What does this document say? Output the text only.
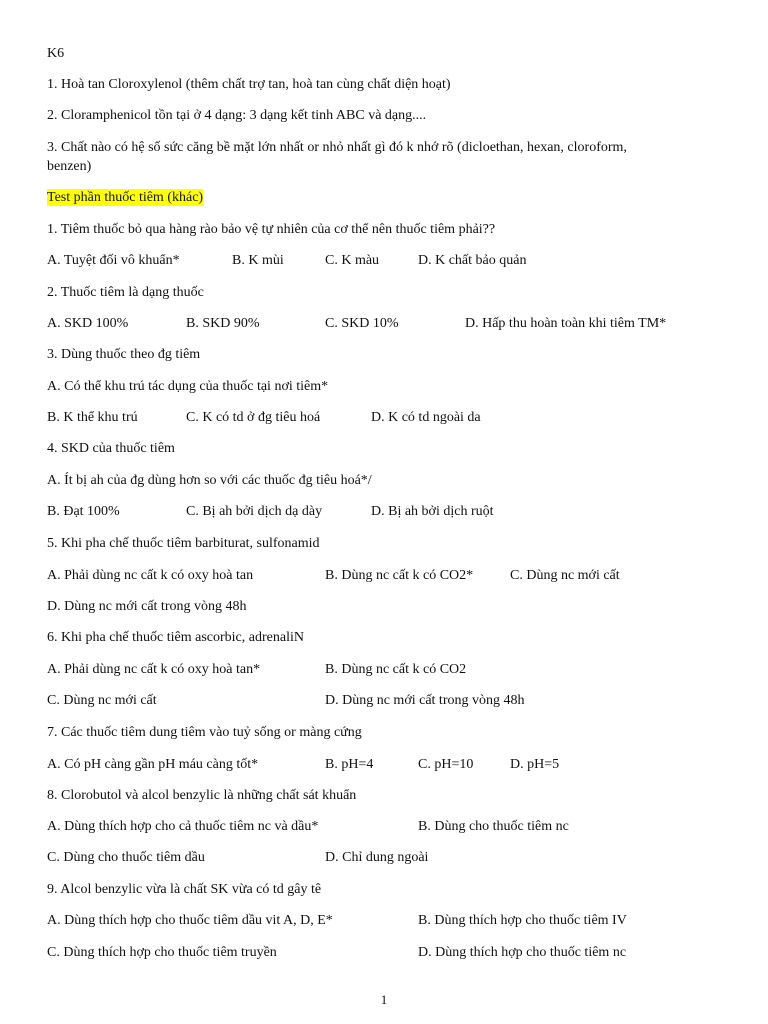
K6
1. Hoà tan Cloroxylenol (thêm chất trợ tan, hoà tan cùng chất diện hoạt)
2. Cloramphenicol tồn tại ở 4 dạng: 3 dạng kết tinh ABC và dạng....
3. Chất nào có hệ số sức căng bề mặt lớn nhất or nhỏ nhất gì đó k nhớ rõ (dicloethan, hexan, cloroform,
benzen)
Test phần thuốc tiêm (khác)
1. Tiêm thuốc bỏ qua hàng rào bảo vệ tự nhiên của cơ thể nên thuốc tiêm phải??
A. Tuyệt đối vô khuẩn*	B. K mùi	C. K màu	D. K chất bảo quản
2. Thuốc tiêm là dạng thuốc
A. SKD 100%	B. SKD 90%	C. SKD 10%	D. Hấp thu hoàn toàn khi tiêm TM*
3. Dùng thuốc theo đg tiêm
A. Có thể khu trú tác dụng của thuốc tại nơi tiêm*
B. K thể khu trú	C. K có td ở đg tiêu hoá	D. K có td ngoài da
4. SKD của thuốc tiêm
A. Ít bị ah của đg dùng hơn so với các thuốc đg tiêu hoá*/
B. Đạt 100%	C. Bị ah bởi dịch dạ dày	D. Bị ah bởi dịch ruột
5. Khi pha chế thuốc tiêm barbiturat, sulfonamid
A. Phải dùng nc cất k có oxy hoà tan	B. Dùng nc cất k có CO2*	C. Dùng nc mới cất
D. Dùng nc mới cất trong vòng 48h
6. Khi pha chế thuốc tiêm ascorbic, adrenaliN
A. Phải dùng nc cất k có oxy hoà tan*	B. Dùng nc cất k có CO2
C. Dùng nc mới cất	D. Dùng nc mới cất trong vòng 48h
7. Các thuốc tiêm dung tiêm vào tuỷ sống or màng cứng
A. Có pH càng gần pH máu càng tốt*	B. pH=4	C. pH=10	D. pH=5
8. Clorobutol và alcol benzylic là những chất sát khuẩn
A. Dùng thích hợp cho cả thuốc tiêm nc và dầu*	B. Dùng cho thuốc tiêm nc
C. Dùng cho thuốc tiêm dầu	D. Chỉ dung ngoài
9. Alcol benzylic vừa là chất SK vừa có td gây tê
A. Dùng thích hợp cho thuốc tiêm dầu vit A, D, E*	B. Dùng thích hợp cho thuốc tiêm IV
C. Dùng thích hợp cho thuốc tiêm truyền	D. Dùng thích hợp cho thuốc tiêm nc
1
